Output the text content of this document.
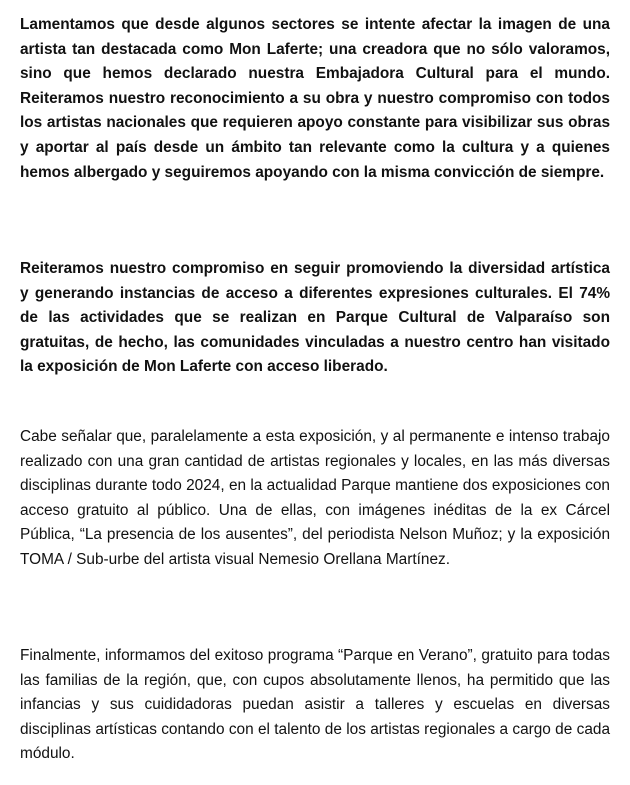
Lamentamos que desde algunos sectores se intente afectar la imagen de una artista tan destacada como Mon Laferte; una creadora que no sólo valoramos, sino que hemos declarado nuestra Embajadora Cultural para el mundo. Reiteramos nuestro reconocimiento a su obra y nuestro compromiso con todos los artistas nacionales que requieren apoyo constante para visibilizar sus obras y aportar al país desde un ámbito tan relevante como la cultura y a quienes hemos albergado y seguiremos apoyando con la misma convicción de siempre.

Reiteramos nuestro compromiso en seguir promoviendo la diversidad artística y generando instancias de acceso a diferentes expresiones culturales. El 74% de las actividades que se realizan en Parque Cultural de Valparaíso son gratuitas, de hecho, las comunidades vinculadas a nuestro centro han visitado la exposición de Mon Laferte con acceso liberado.

Cabe señalar que, paralelamente a esta exposición, y al permanente e intenso trabajo realizado con una gran cantidad de artistas regionales y locales, en las más diversas disciplinas durante todo 2024, en la actualidad Parque mantiene dos exposiciones con acceso gratuito al público. Una de ellas, con imágenes inéditas de la ex Cárcel Pública, “La presencia de los ausentes”, del periodista Nelson Muñoz; y la exposición TOMA / Sub-urbe del artista visual Nemesio Orellana Martínez.

Finalmente, informamos del exitoso programa “Parque en Verano”, gratuito para todas las familias de la región, que, con cupos absolutamente llenos, ha permitido que las infancias y sus cuididadoras puedan asistir a talleres y escuelas en diversas disciplinas artísticas contando con el talento de los artistas regionales a cargo de cada módulo.
